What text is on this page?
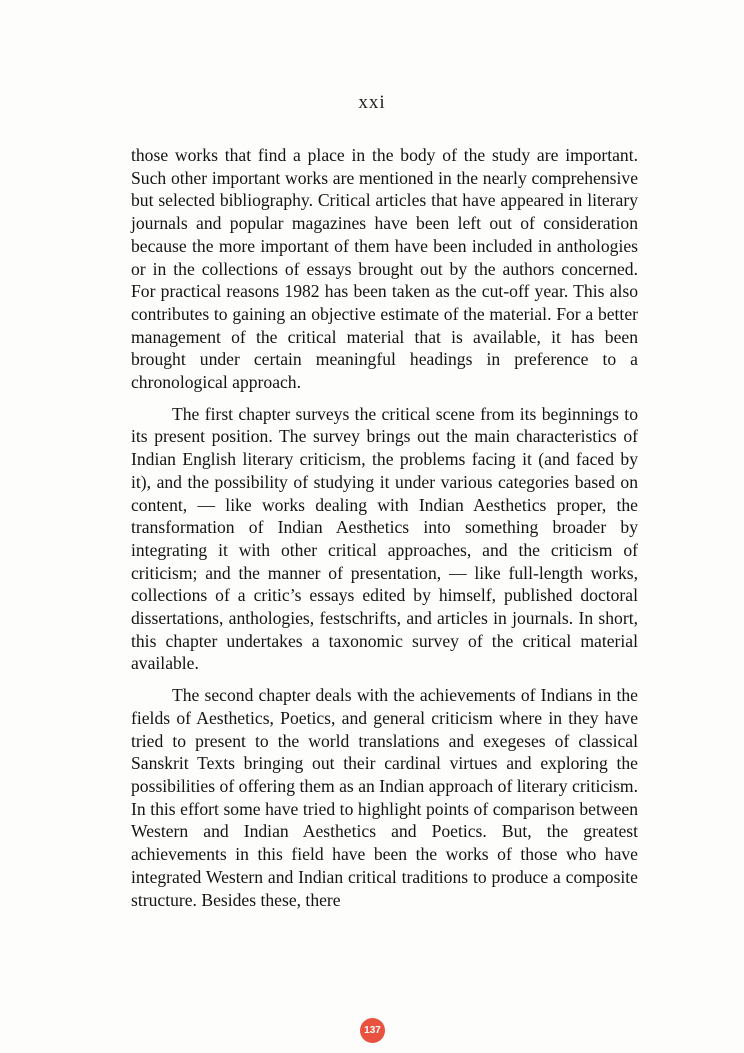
xxi

those works that find a place in the body of the study are important. Such other important works are mentioned in the nearly comprehensive but selected bibliography. Critical articles that have appeared in literary journals and popular magazines have been left out of consideration because the more important of them have been included in anthologies or in the collections of essays brought out by the authors concerned. For practical reasons 1982 has been taken as the cut-off year. This also contributes to gaining an objective estimate of the material. For a better management of the critical material that is available, it has been brought under certain meaningful headings in preference to a chronological approach.

The first chapter surveys the critical scene from its beginnings to its present position. The survey brings out the main characteristics of Indian English literary criticism, the problems facing it (and faced by it), and the possibility of studying it under various categories based on content, — like works dealing with Indian Aesthetics proper, the transformation of Indian Aesthetics into something broader by integrating it with other critical approaches, and the criticism of criticism; and the manner of presentation, — like full-length works, collections of a critic’s essays edited by himself, published doctoral dissertations, anthologies, festschrifts, and articles in journals. In short, this chapter undertakes a taxonomic survey of the critical material available.

The second chapter deals with the achievements of Indians in the fields of Aesthetics, Poetics, and general criticism where in they have tried to present to the world translations and exegeses of classical Sanskrit Texts bringing out their cardinal virtues and exploring the possibilities of offering them as an Indian approach of literary criticism. In this effort some have tried to highlight points of comparison between Western and Indian Aesthetics and Poetics. But, the greatest achievements in this field have been the works of those who have integrated Western and Indian critical traditions to produce a composite structure. Besides these, there

137
